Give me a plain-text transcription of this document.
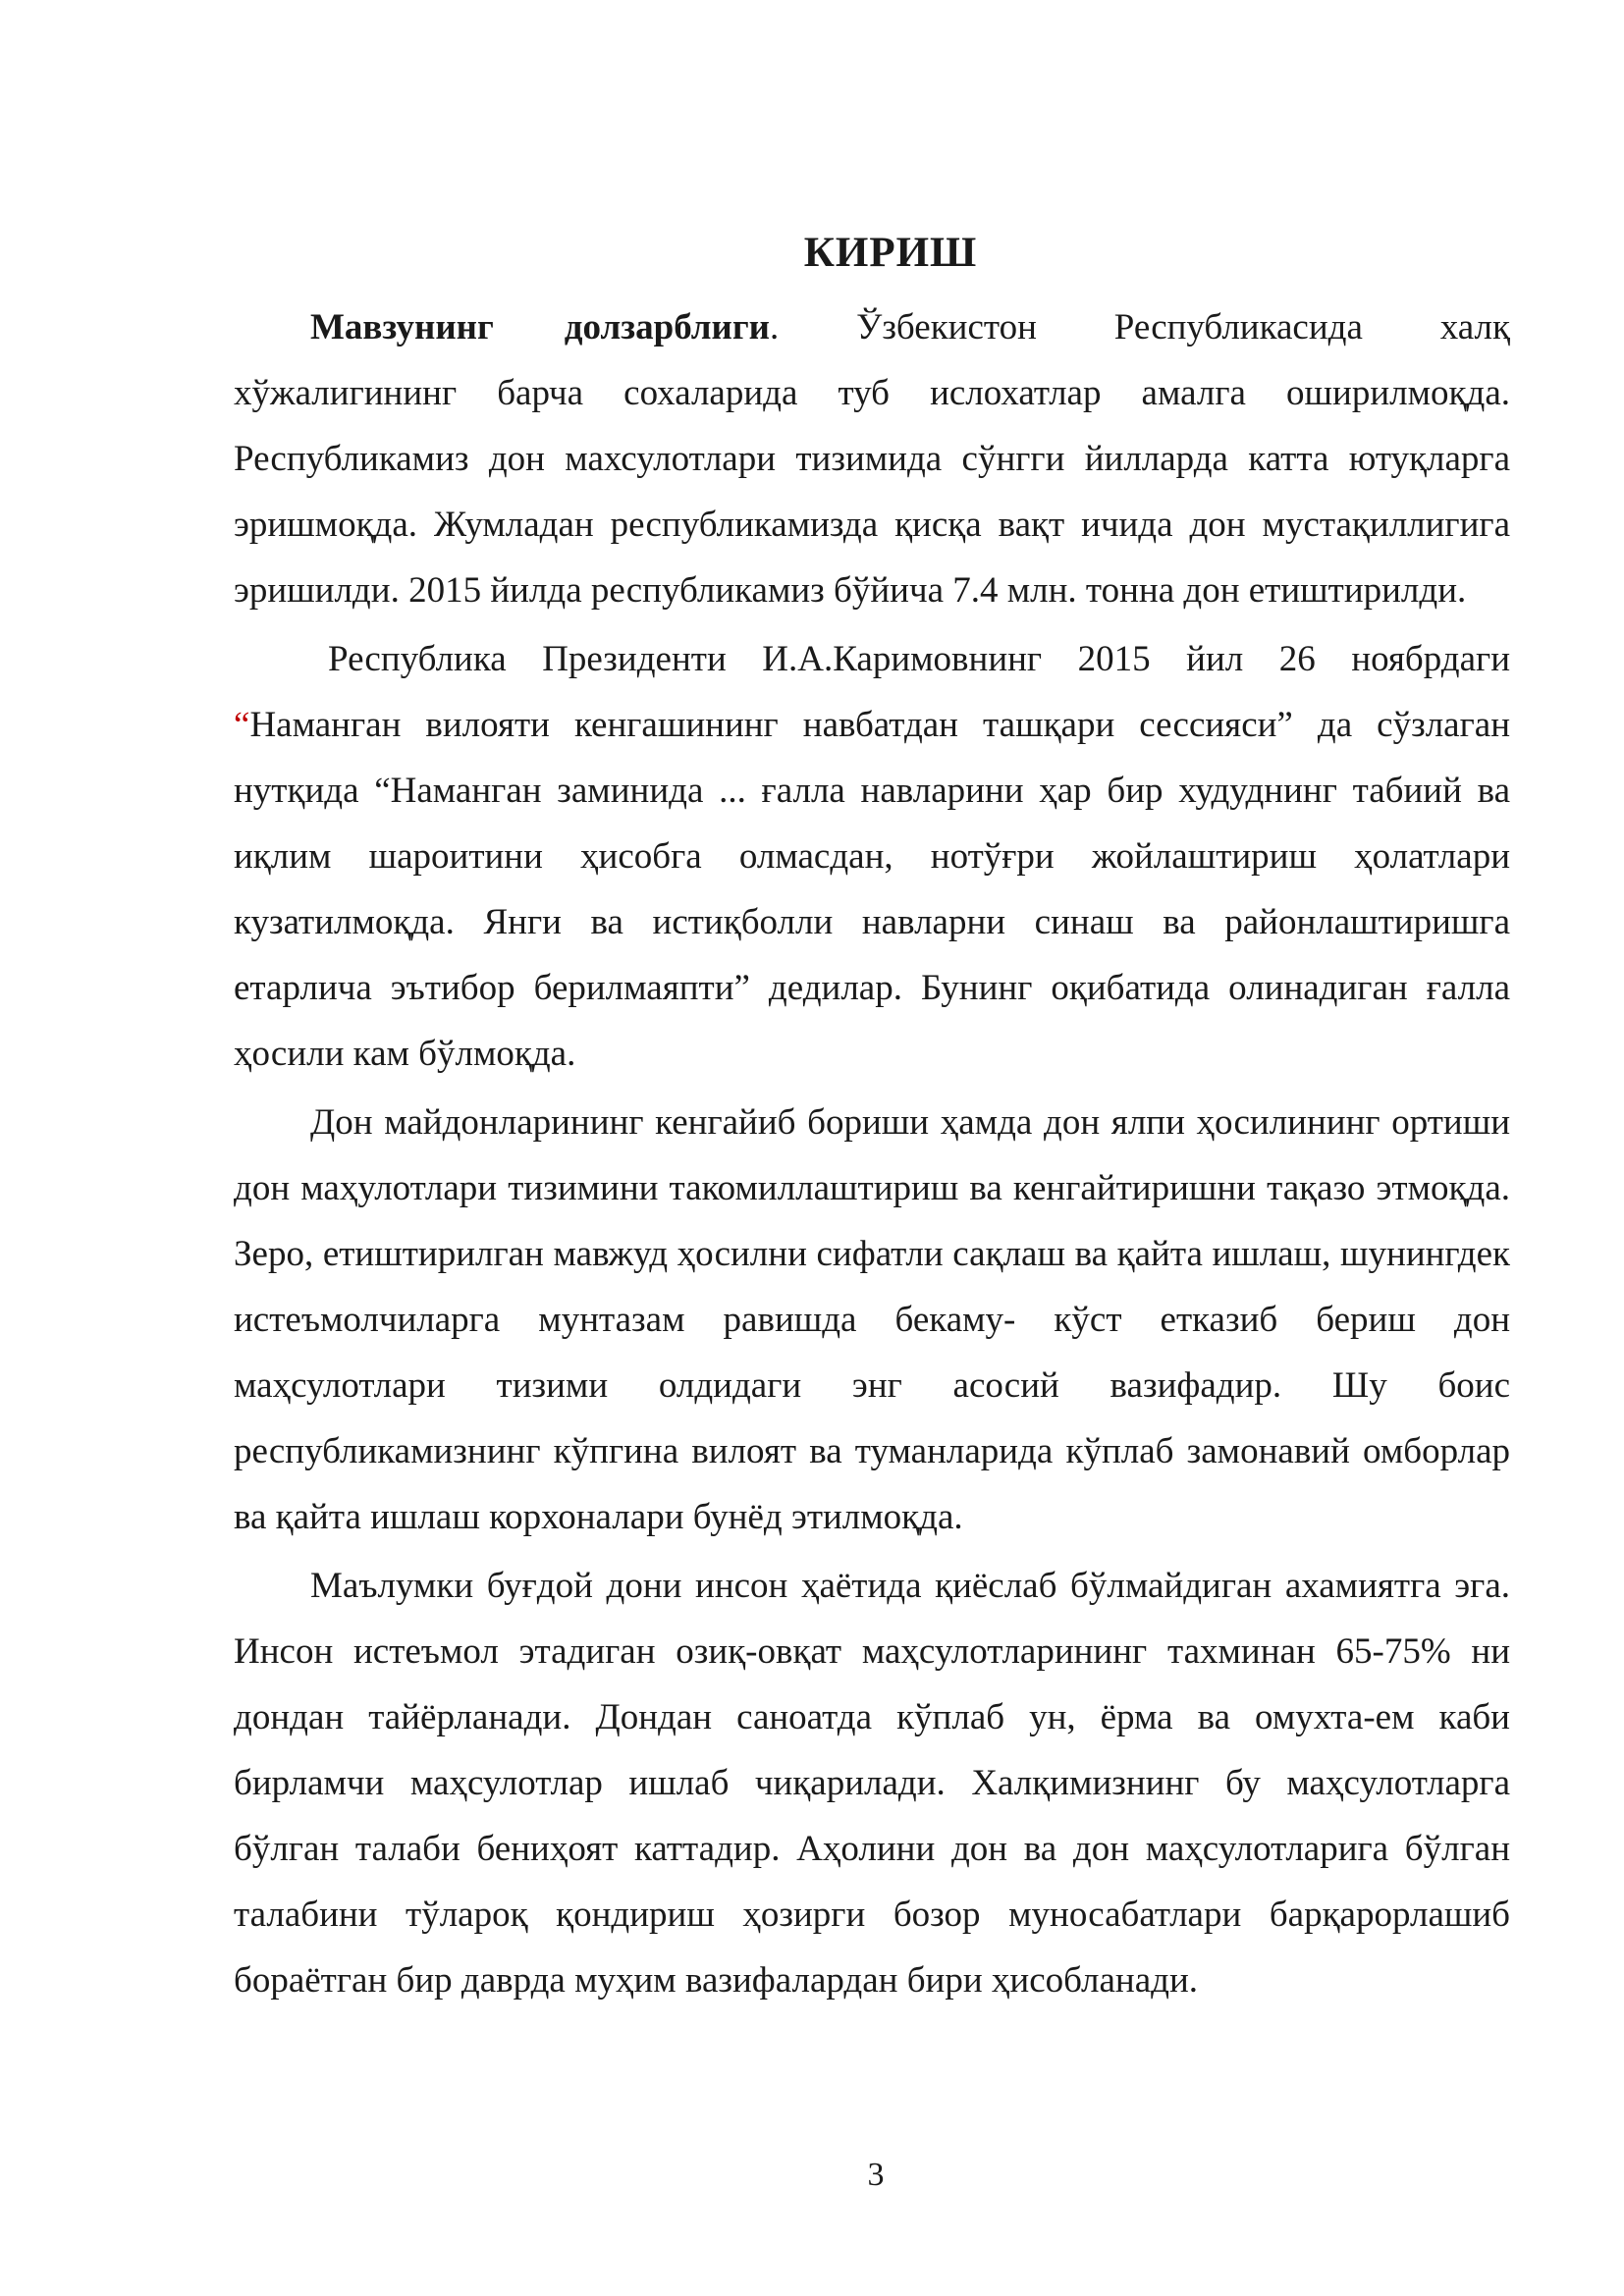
КИРИШ

Мавзунинг долзарблиги. Ўзбекистон Республикасида халқ хўжалигининг барча сохаларида туб ислохатлар амалга оширилмоқда. Республикамиз дон махсулотлари тизимида сўнгги йилларда катта ютуқларга эришмоқда. Жумладан республикамизда қисқа вақт ичида дон мустақиллигига эришилди. 2015 йилда республикамиз бўйича 7.4 млн. тонна дон етиштирилди.

Республика Президенти И.А.Каримовнинг 2015 йил 26 ноябрдаги “Наманган вилояти кенгашининг навбатдан ташқари сессияси” да сўзлаган нутқида “Наманган заминида ... ғалла навларини ҳар бир худуднинг табиий ва иқлим шароитини ҳисобга олмасдан, нотўғри жойлаштириш ҳолатлари кузатилмоқда. Янги ва истиқболли навларни синаш ва районлаштиришга етарлича эътибор берилмаяпти” дедилар. Бунинг оқибатида олинадиган ғалла ҳосили кам бўлмоқда.

Дон майдонларининг кенгайиб бориши ҳамда дон ялпи ҳосилининг ортиши дон маҳулотлари тизимини такомиллаштириш ва кенгайтиришни тақазо этмоқда. Зеро, етиштирилган мавжуд ҳосилни сифатли сақлаш ва қайта ишлаш, шунингдек истеъмолчиларга мунтазам равишда бекаму- кўст етказиб бериш дон маҳсулотлари тизими олдидаги энг асосий вазифадир. Шу боис республикамизнинг кўпгина вилоят ва туманларида кўплаб замонавий омборлар ва қайта ишлаш корхоналари бунёд этилмоқда.

Маълумки буғдой дони инсон ҳаётида қиёслаб бўлмайдиган ахамиятга эга. Инсон истеъмол этадиган озиқ-овқат маҳсулотларининг тахминан 65-75% ни дондан тайёрланади. Дондан саноатда кўплаб ун, ёрма ва омухта-ем каби бирламчи маҳсулотлар ишлаб чиқарилади. Халқимизнинг бу маҳсулотларга бўлган талаби бениҳоят каттадир. Аҳолини дон ва дон маҳсулотларига бўлган талабини тўлароқ қондириш ҳозирги бозор муносабатлари барқарорлашиб бораётган бир даврда муҳим вазифалардан бири ҳисобланади.

3
